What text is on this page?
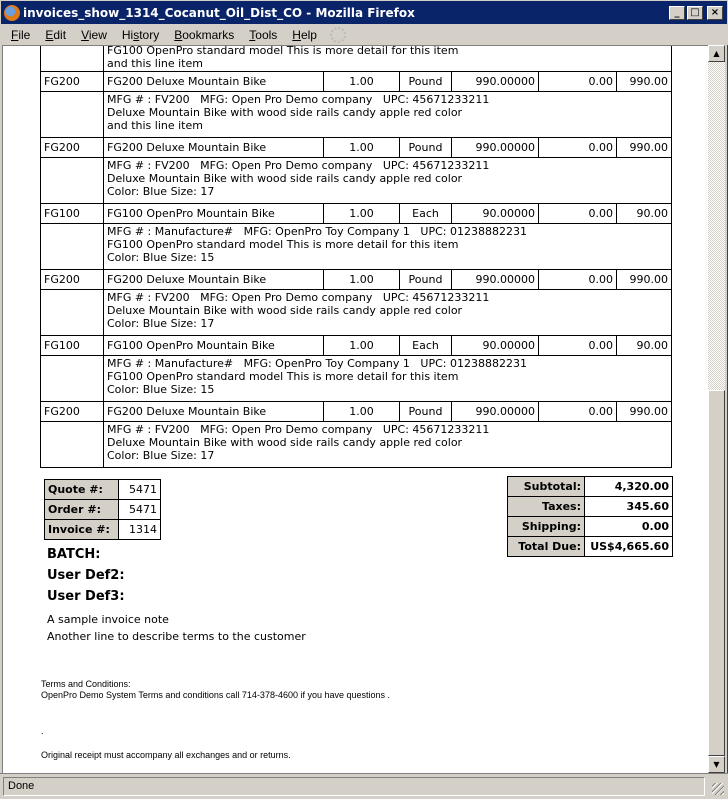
invoices_show_1314_Cocanut_Oil_Dist_CO - Mozilla Firefox	_	□	×
File	Edit	View	History	Bookmarks	Tools	Help

	FG100 OpenPro standard model This is more detail for this item
and this line item					

FG200	FG200 Deluxe Mountain Bike	1.00	Pound	990.00000	0.00	990.00

	MFG # : FV200   MFG: Open Pro Demo company   UPC: 45671233211
Deluxe Mountain Bike with wood side rails candy apple red color
and this line item					

FG200	FG200 Deluxe Mountain Bike	1.00	Pound	990.00000	0.00	990.00

	MFG # : FV200   MFG: Open Pro Demo company   UPC: 45671233211
Deluxe Mountain Bike with wood side rails candy apple red color
Color: Blue Size: 17					

FG100	FG100 OpenPro Mountain Bike	1.00	Each	90.00000	0.00	90.00

	MFG # : Manufacture#   MFG: OpenPro Toy Company 1   UPC: 01238882231
FG100 OpenPro standard model This is more detail for this item
Color: Blue Size: 15					

FG200	FG200 Deluxe Mountain Bike	1.00	Pound	990.00000	0.00	990.00

	MFG # : FV200   MFG: Open Pro Demo company   UPC: 45671233211
Deluxe Mountain Bike with wood side rails candy apple red color
Color: Blue Size: 17					

FG100	FG100 OpenPro Mountain Bike	1.00	Each	90.00000	0.00	90.00

	MFG # : Manufacture#   MFG: OpenPro Toy Company 1   UPC: 01238882231
FG100 OpenPro standard model This is more detail for this item
Color: Blue Size: 15					

FG200	FG200 Deluxe Mountain Bike	1.00	Pound	990.00000	0.00	990.00

	MFG # : FV200   MFG: Open Pro Demo company   UPC: 45671233211
Deluxe Mountain Bike with wood side rails candy apple red color
Color: Blue Size: 17					
Quote #:	5471
Order #:	5471
Invoice #:	1314
Subtotal:	4,320.00
Taxes:	345.60
Shipping:	0.00
Total Due:	US$4,665.60
BATCH:
User Def2:
User Def3:
A sample invoice note
Another line to describe terms to the customer
Terms and Conditions:
OpenPro Demo System Terms and conditions call 714-378-4600 if you have questions .
.
Original receipt must accompany all exchanges and or returns.
▲
▼
Done
